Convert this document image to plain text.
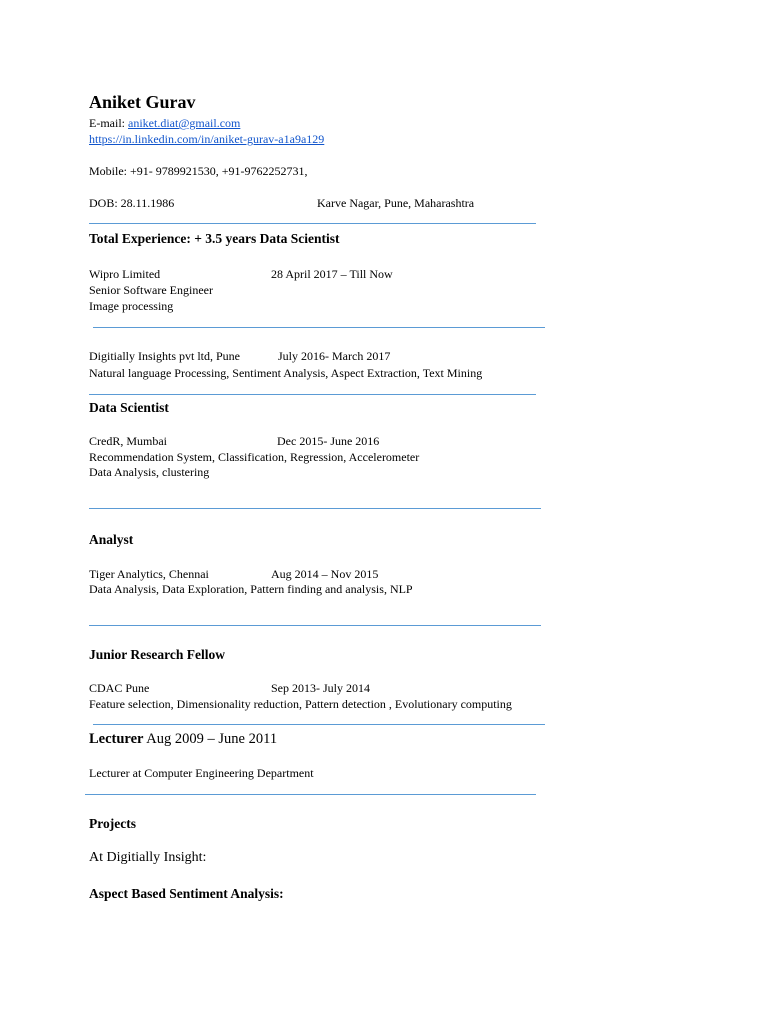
Aniket Gurav
E-mail: aniket.diat@gmail.com
https://in.linkedin.com/in/aniket-gurav-a1a9a129
Mobile: +91- 9789921530, +91-9762252731,
DOB: 28.11.1986	Karve Nagar, Pune, Maharashtra
Total Experience: + 3.5 years Data Scientist
Wipro Limited	28 April 2017 – Till Now
Senior Software Engineer
Image processing
Digitially Insights pvt ltd, Pune	July 2016- March 2017
Natural language Processing, Sentiment Analysis, Aspect Extraction, Text Mining
Data Scientist
CredR, Mumbai	Dec 2015- June 2016
Recommendation System, Classification, Regression, Accelerometer
Data Analysis, clustering
Analyst
Tiger Analytics, Chennai	Aug 2014 – Nov 2015
Data Analysis, Data Exploration, Pattern finding and analysis, NLP
Junior Research Fellow
CDAC Pune	Sep 2013- July 2014
Feature selection, Dimensionality reduction, Pattern detection , Evolutionary computing
Lecturer Aug 2009 – June 2011
Lecturer at Computer Engineering Department
Projects
At Digitially Insight:
Aspect Based Sentiment Analysis:
